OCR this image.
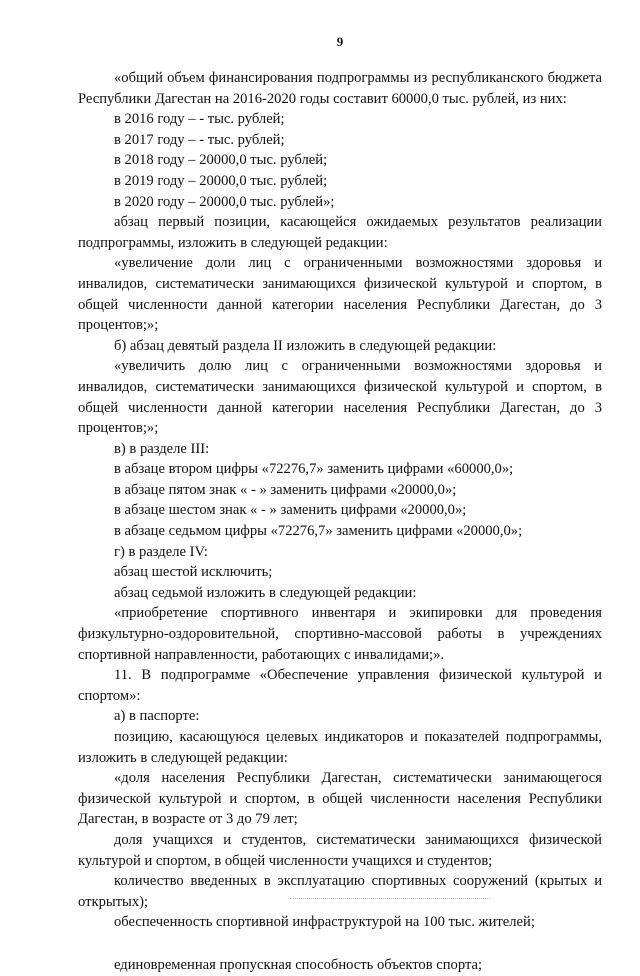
9

«общий объем финансирования подпрограммы из республиканского бюджета Республики Дагестан на 2016-2020 годы составит 60000,0 тыс. рублей, из них:

в 2016 году – - тыс. рублей;

в 2017 году – - тыс. рублей;

в 2018 году – 20000,0 тыс. рублей;

в 2019 году – 20000,0 тыс. рублей;

в 2020 году – 20000,0 тыс. рублей»;

абзац первый позиции, касающейся ожидаемых результатов реализации подпрограммы, изложить в следующей редакции:

«увеличение доли лиц с ограниченными возможностями здоровья и инвалидов, систематически занимающихся физической культурой и спортом, в общей численности данной категории населения Республики Дагестан, до 3 процентов;»;

б) абзац девятый раздела II изложить в следующей редакции:

«увеличить долю лиц с ограниченными возможностями здоровья и инвалидов, систематически занимающихся физической культурой и спортом, в общей численности данной категории населения Республики Дагестан, до 3 процентов;»;

в) в разделе III:

в абзаце втором цифры «72276,7» заменить цифрами «60000,0»;

в абзаце пятом знак « - » заменить цифрами «20000,0»;

в абзаце шестом знак « - » заменить цифрами «20000,0»;

в абзаце седьмом цифры «72276,7» заменить цифрами «20000,0»;

г) в разделе IV:

абзац шестой исключить;

абзац седьмой изложить в следующей редакции:

«приобретение спортивного инвентаря и экипировки для проведения физкультурно-оздоровительной, спортивно-массовой работы в учреждениях спортивной направленности, работающих с инвалидами;».

11. В подпрограмме «Обеспечение управления физической культурой и спортом»:

а) в паспорте:

позицию, касающуюся целевых индикаторов и показателей подпрограммы, изложить в следующей редакции:

«доля населения Республики Дагестан, систематически занимающегося физической культурой и спортом, в общей численности населения Республики Дагестан, в возрасте от 3 до 79 лет;

доля учащихся и студентов, систематически занимающихся физической культурой и спортом, в общей численности учащихся и студентов;

количество введенных в эксплуатацию спортивных сооружений (крытых и открытых);

обеспеченность спортивной инфраструктурой на 100 тыс. жителей;

единовременная пропускная способность объектов спорта;
